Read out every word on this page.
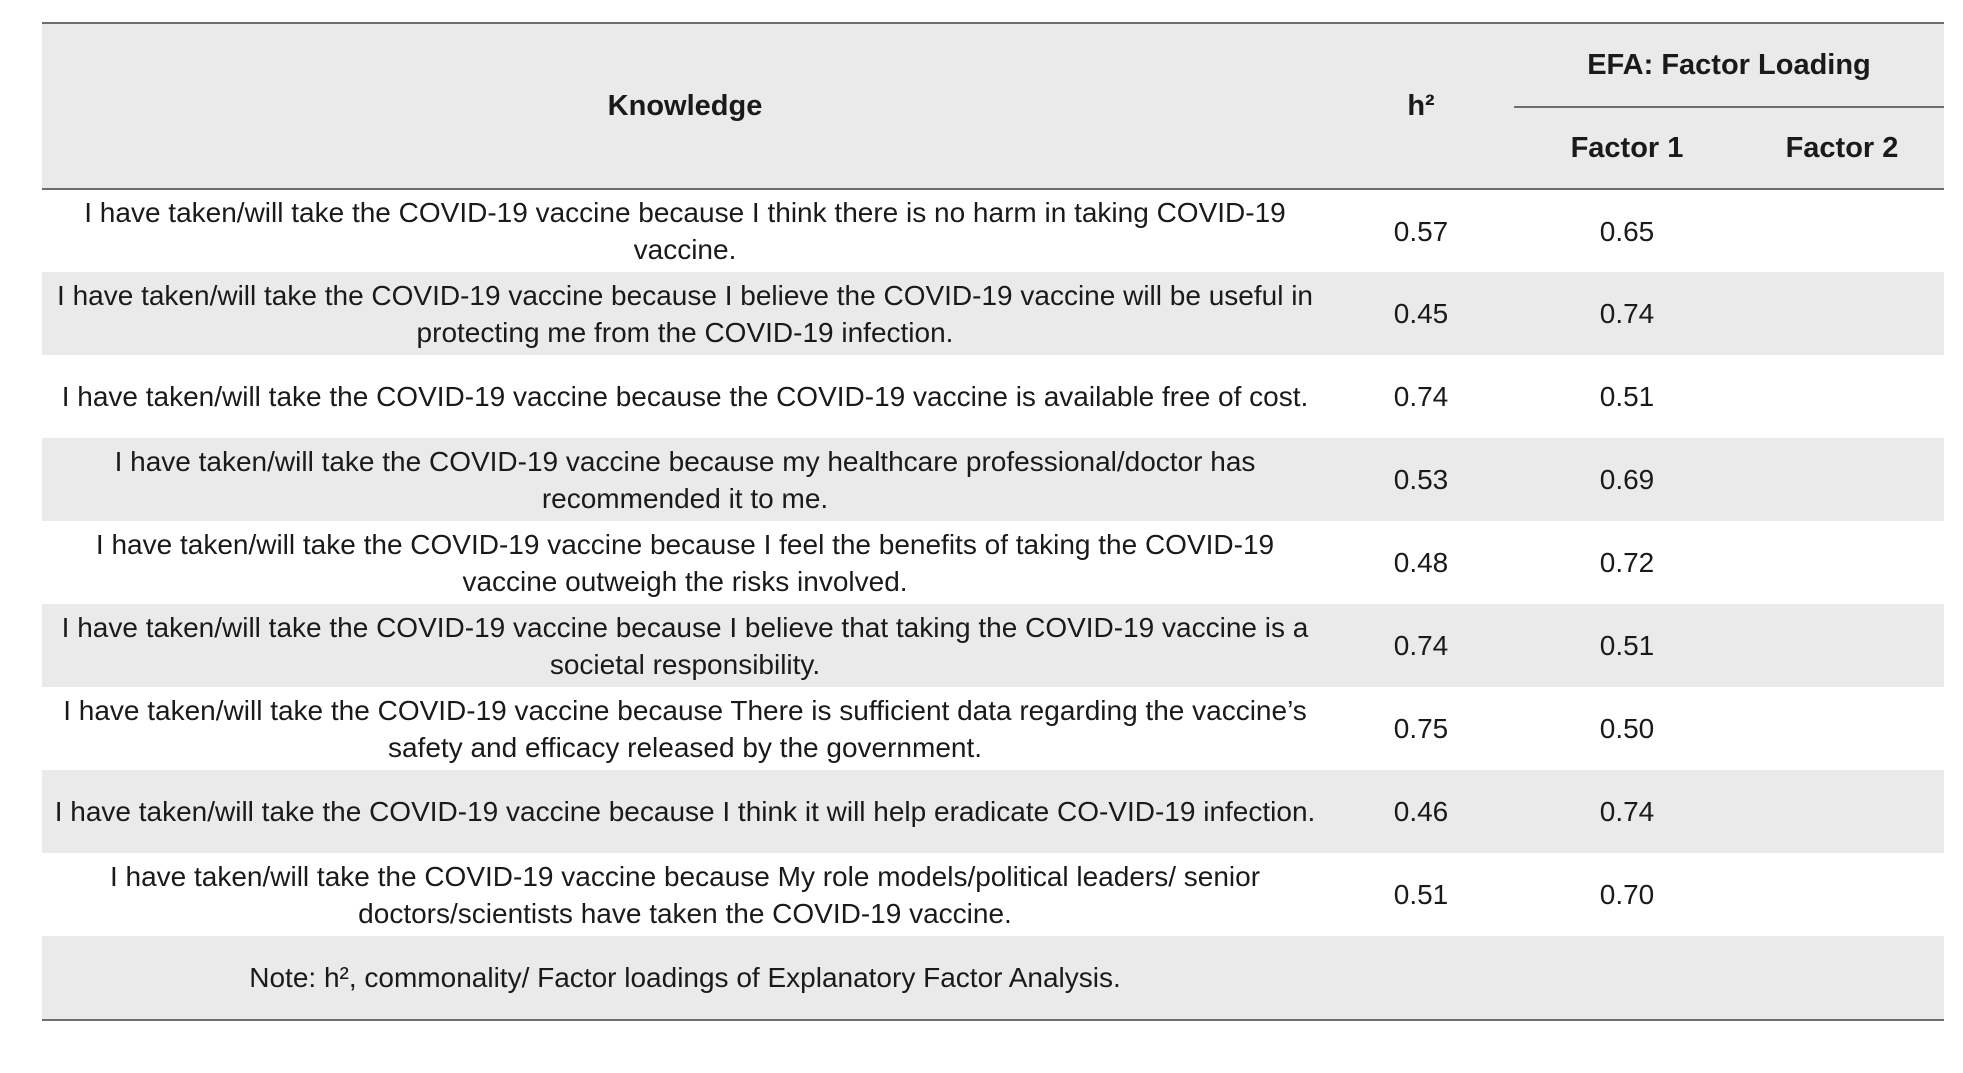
Knowledge	h²	EFA: Factor Loading	
		Factor 1	Factor 2
I have taken/will take the COVID-19 vaccine because I think there is no harm in taking COVID-19 vaccine.	0.57	0.65	
I have taken/will take the COVID-19 vaccine because I believe the COVID-19 vaccine will be useful in protecting me from the COVID-19 infection.	0.45	0.74	
I have taken/will take the COVID-19 vaccine because the COVID-19 vaccine is available free of cost.	0.74	0.51	
I have taken/will take the COVID-19 vaccine because my healthcare professional/doctor has recommended it to me.	0.53	0.69	
I have taken/will take the COVID-19 vaccine because I feel the benefits of taking the COVID-19 vaccine outweigh the risks involved.	0.48	0.72	
I have taken/will take the COVID-19 vaccine because I believe that taking the COVID-19 vaccine is a societal responsibility.	0.74	0.51	
I have taken/will take the COVID-19 vaccine because There is sufficient data regarding the vaccine’s safety and efficacy released by the government.	0.75	0.50	
I have taken/will take the COVID-19 vaccine because I think it will help eradicate CO-VID-19 infection.	0.46	0.74	
I have taken/will take the COVID-19 vaccine because My role models/political leaders/ senior doctors/scientists have taken the COVID-19 vaccine.	0.51	0.70	
Note: h², commonality/ Factor loadings of Explanatory Factor Analysis.			
